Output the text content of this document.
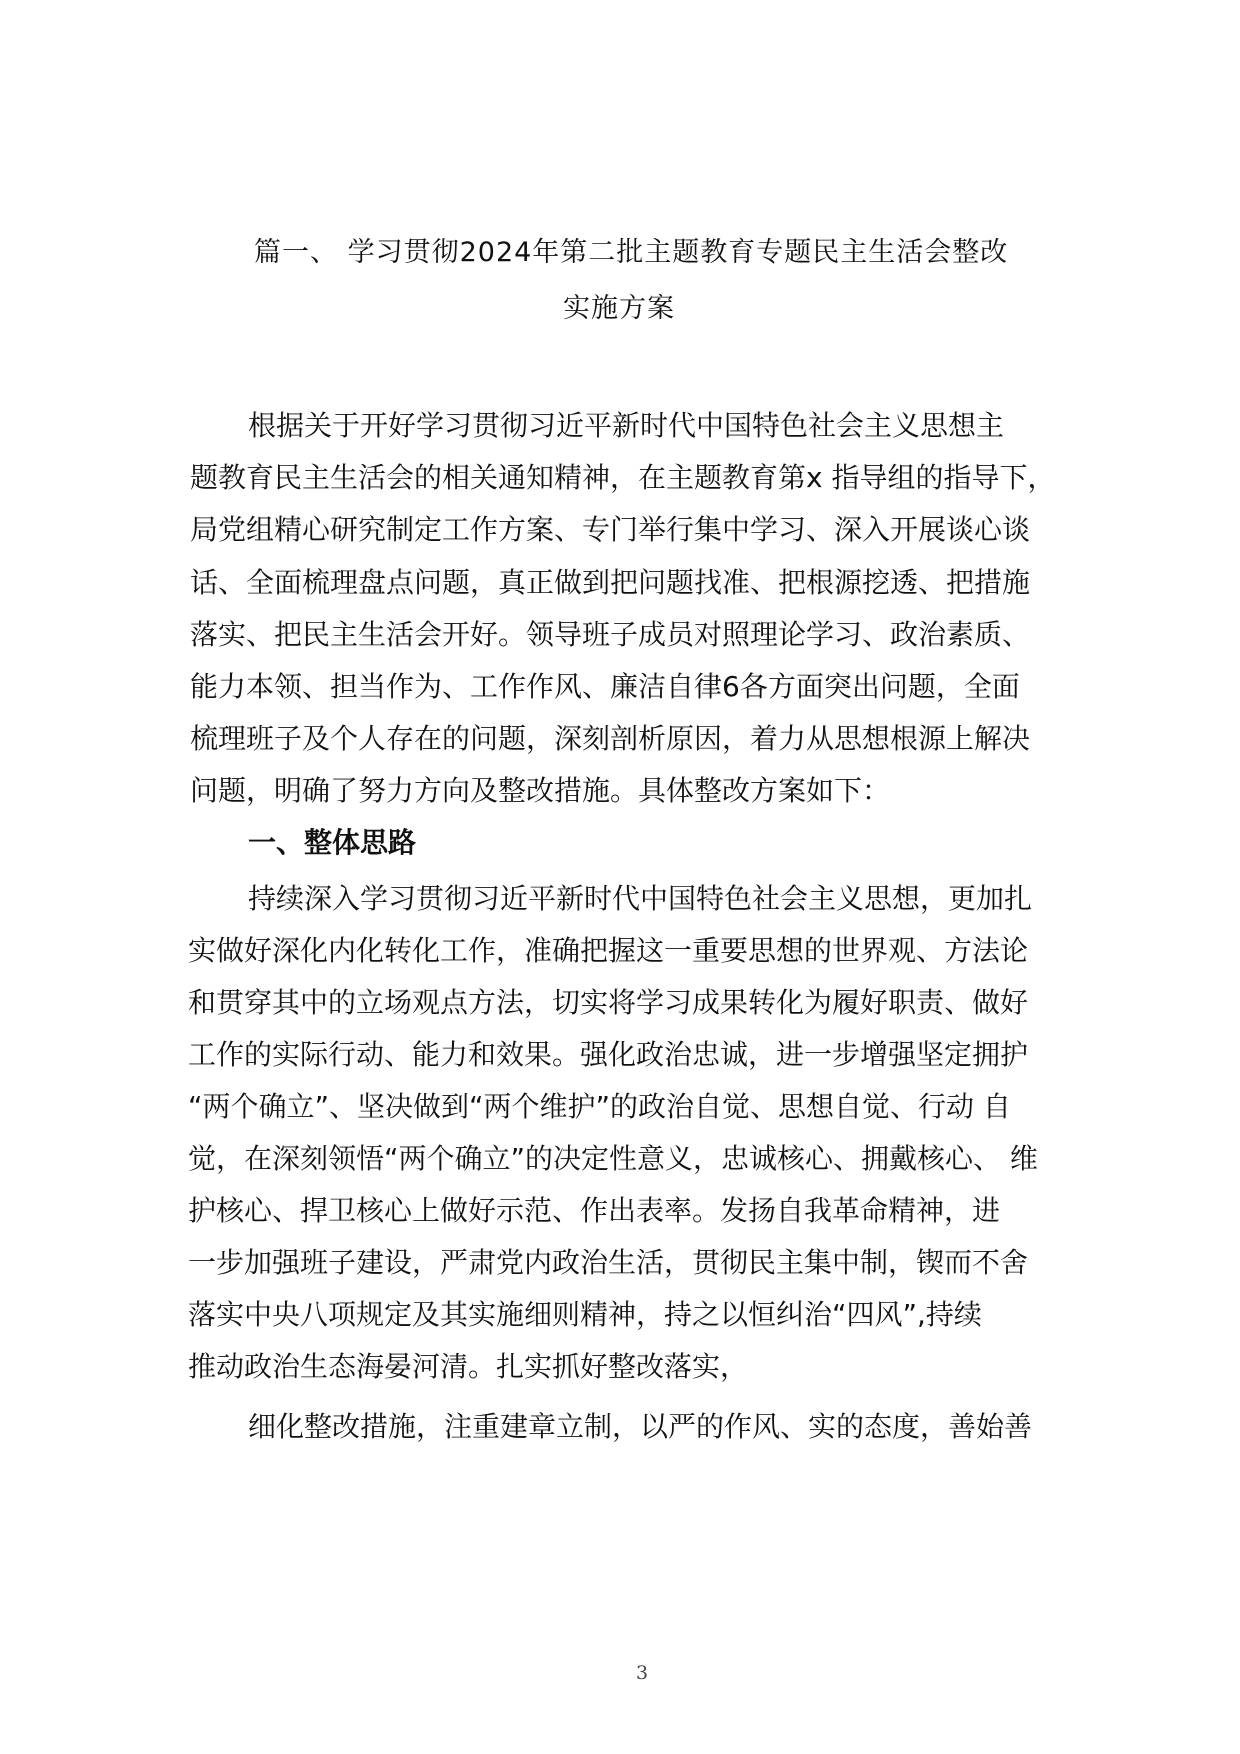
篇一、 学习贯彻2024年第二批主题教育专题民主生活会整改
实施方案
根据关于开好学习贯彻习近平新时代中国特色社会主义思想主
题教育民主生活会的相关通知精神，在主题教育第x 指导组的指导下，
局党组精心研究制定工作方案、专门举行集中学习、深入开展谈心谈
话、全面梳理盘点问题，真正做到把问题找准、把根源挖透、把措施
落实、把民主生活会开好。领导班子成员对照理论学习、政治素质、
能力本领、担当作为、工作作风、廉洁自律6各方面突出问题，全面
梳理班子及个人存在的问题，深刻剖析原因，着力从思想根源上解决
问题，明确了努力方向及整改措施。具体整改方案如下：
一、整体思路
持续深入学习贯彻习近平新时代中国特色社会主义思想，更加扎
实做好深化内化转化工作，准确把握这一重要思想的世界观、方法论
和贯穿其中的立场观点方法，切实将学习成果转化为履好职责、做好
工作的实际行动、能力和效果。强化政治忠诚，进一步增强坚定拥护
“两个确立”、坚决做到“两个维护”的政治自觉、思想自觉、行动 自
觉，在深刻领悟“两个确立”的决定性意义，忠诚核心、拥戴核心、 维
护核心、捍卫核心上做好示范、作出表率。发扬自我革命精神，进
一步加强班子建设，严肃党内政治生活，贯彻民主集中制，锲而不舍
落实中央八项规定及其实施细则精神，持之以恒纠治“四风”,持续
推动政治生态海晏河清。扎实抓好整改落实，
细化整改措施，注重建章立制，以严的作风、实的态度，善始善
3
